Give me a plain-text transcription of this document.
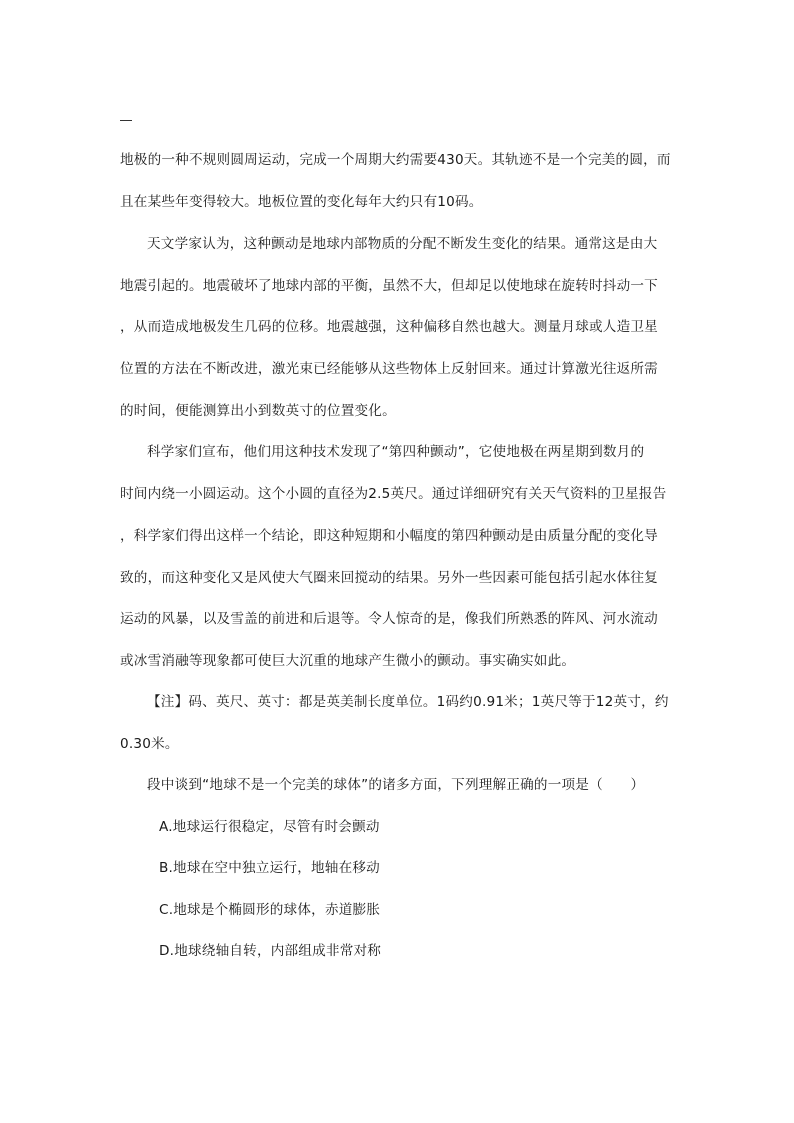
地极的一种不规则圆周运动，完成一个周期大约需要430天。其轨迹不是一个完美的圆，而
且在某些年变得较大。地板位置的变化每年大约只有10码。
天文学家认为，这种颤动是地球内部物质的分配不断发生变化的结果。通常这是由大
地震引起的。地震破坏了地球内部的平衡，虽然不大，但却足以使地球在旋转时抖动一下
，从而造成地极发生几码的位移。地震越强，这种偏移自然也越大。测量月球或人造卫星
位置的方法在不断改进，激光束已经能够从这些物体上反射回来。通过计算激光往返所需
的时间，便能测算出小到数英寸的位置变化。
科学家们宣布，他们用这种技术发现了“第四种颤动”，它使地极在两星期到数月的
时间内绕一小圆运动。这个小圆的直径为2.5英尺。通过详细研究有关天气资料的卫星报告
，科学家们得出这样一个结论，即这种短期和小幅度的第四种颤动是由质量分配的变化导
致的，而这种变化又是风使大气圈来回搅动的结果。另外一些因素可能包括引起水体往复
运动的风暴，以及雪盖的前进和后退等。令人惊奇的是，像我们所熟悉的阵风、河水流动
或冰雪消融等现象都可使巨大沉重的地球产生微小的颤动。事实确实如此。
【注】码、英尺、英寸：都是英美制长度单位。1码约0.91米；1英尺等于12英寸，约
0.30米。
段中谈到“地球不是一个完美的球体”的诸多方面，下列理解正确的一项是（　　）
A.地球运行很稳定，尽管有时会颤动
B.地球在空中独立运行，地轴在移动
C.地球是个椭圆形的球体，赤道膨胀
D.地球绕轴自转，内部组成非常对称
